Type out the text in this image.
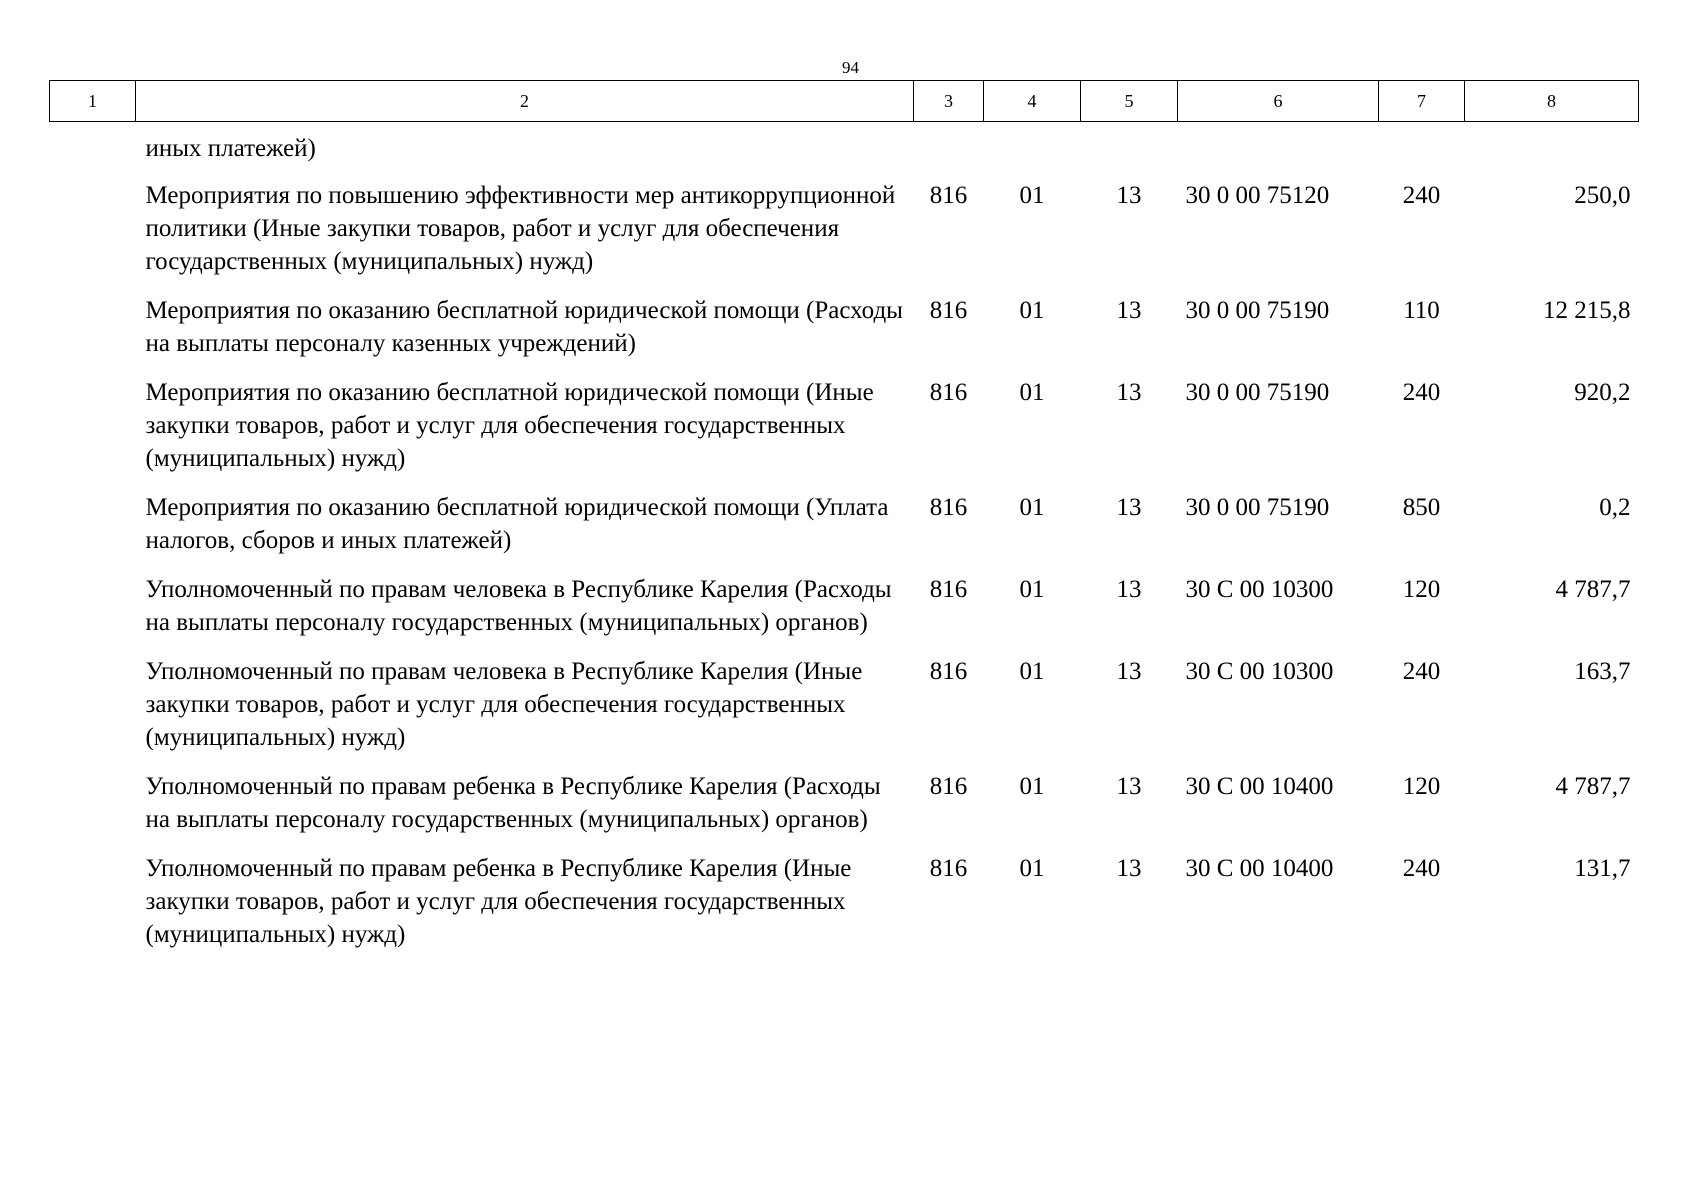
94
1	2	3	4	5	6	7	8
	иных платежей)						
	Мероприятия по повышению эффективности мер антикоррупционной политики (Иные закупки товаров, работ и услуг для обеспечения государственных (муниципальных) нужд)	816	01	13	30 0 00 75120	240	250,0
	Мероприятия по оказанию бесплатной юридической помощи (Расходы на выплаты персоналу казенных учреждений)	816	01	13	30 0 00 75190	110	12 215,8
	Мероприятия по оказанию бесплатной юридической помощи (Иные закупки товаров, работ и услуг для обеспечения государственных (муниципальных) нужд)	816	01	13	30 0 00 75190	240	920,2
	Мероприятия по оказанию бесплатной юридической помощи (Уплата налогов, сборов и иных платежей)	816	01	13	30 0 00 75190	850	0,2
	Уполномоченный по правам человека в Республике Карелия (Расходы на выплаты персоналу государственных (муниципальных) органов)	816	01	13	30 С 00 10300	120	4 787,7
	Уполномоченный по правам человека в Республике Карелия (Иные закупки товаров, работ и услуг для обеспечения государственных (муниципальных) нужд)	816	01	13	30 С 00 10300	240	163,7
	Уполномоченный по правам ребенка в Республике Карелия (Расходы на выплаты персоналу государственных (муниципальных) органов)	816	01	13	30 С 00 10400	120	4 787,7
	Уполномоченный по правам ребенка в Республике Карелия (Иные закупки товаров, работ и услуг для обеспечения государственных (муниципальных) нужд)	816	01	13	30 С 00 10400	240	131,7
